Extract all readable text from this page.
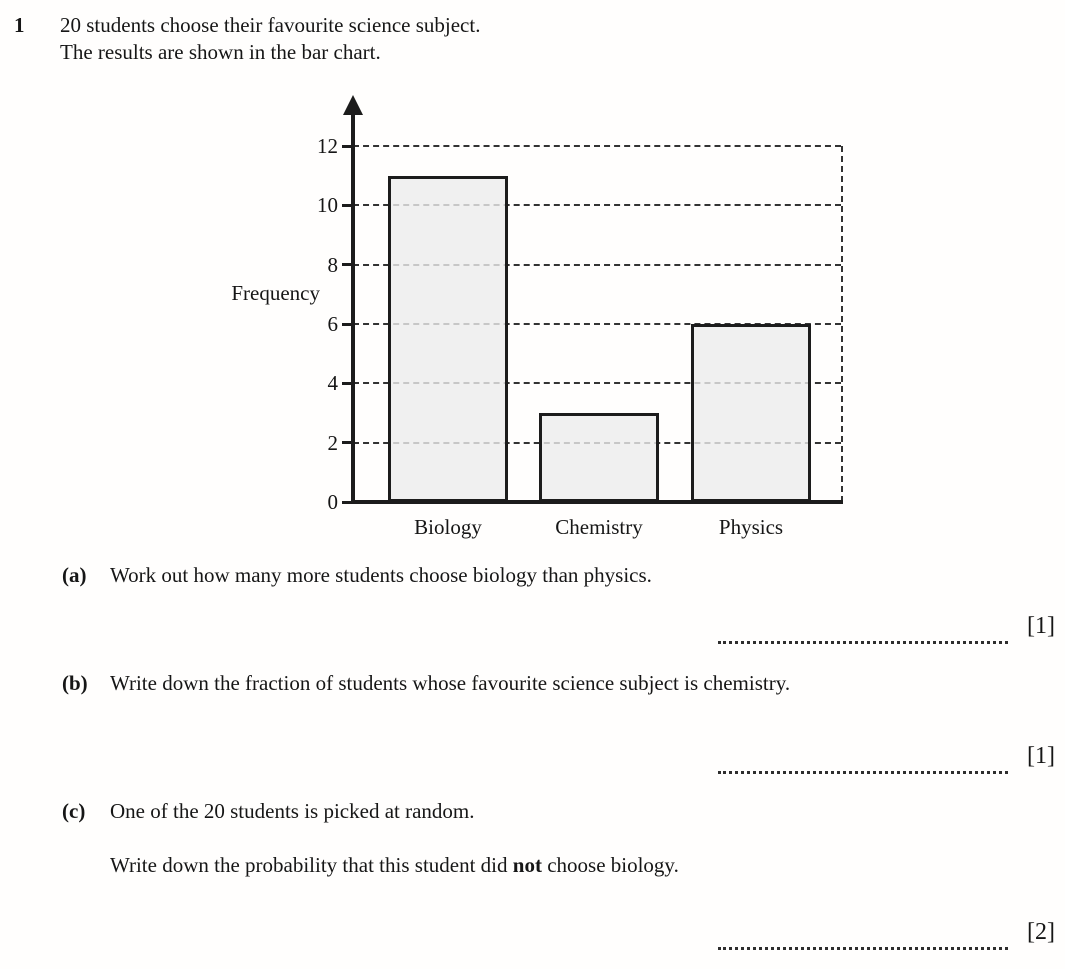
1 20 students choose their favourite science subject.
The results are shown in the bar chart.
Frequency
Biology	Chemistry	Physics
0
2
4
6
8
10
12
(a) Work out how many more students choose biology than physics.
[1]
(b) Write down the fraction of students whose favourite science subject is chemistry.
[1]
(c) One of the 20 students is picked at random.
Write down the probability that this student did not choose biology.
[2]
